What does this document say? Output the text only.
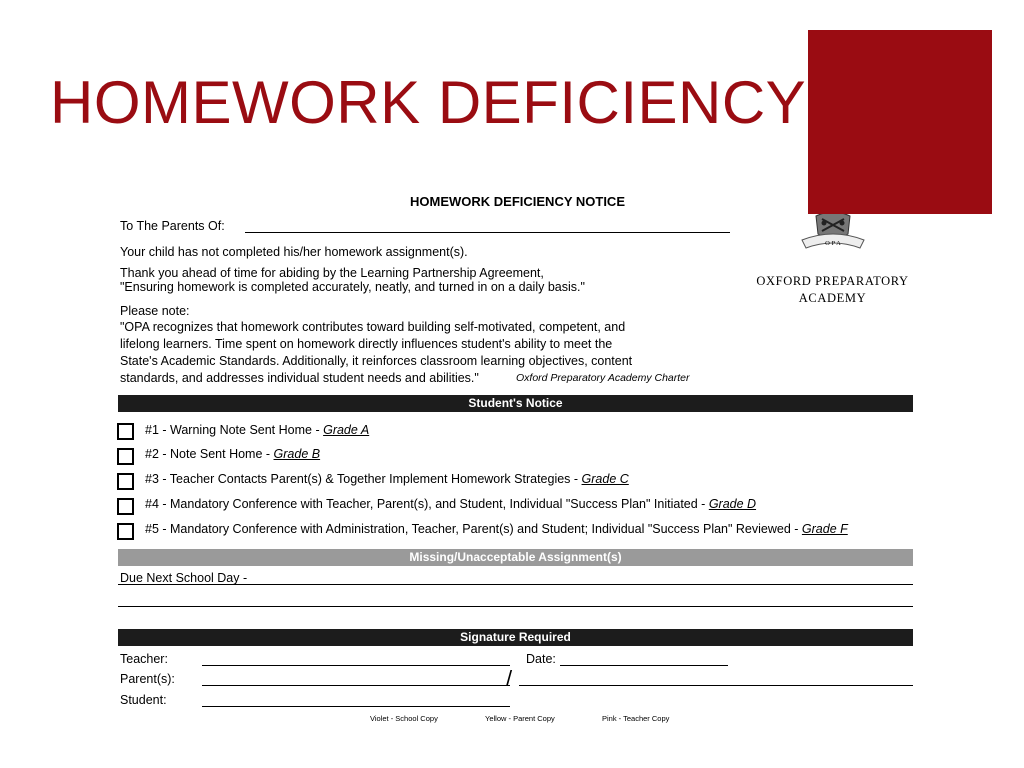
HOMEWORK DEFICIENCY
HOMEWORK DEFICIENCY NOTICE
To The Parents Of:
Your child has not completed his/her homework assignment(s).
Thank you ahead of time for abiding by the Learning Partnership Agreement,
"Ensuring homework is completed accurately, neatly, and turned in on a daily basis."
Please note:
"OPA recognizes that homework contributes toward building self-motivated, competent, and
lifelong learners. Time spent on homework directly influences student's ability to meet the
State's Academic Standards. Additionally, it reinforces classroom learning objectives, content
standards, and addresses individual student needs and abilities."	Oxford Preparatory Academy Charter
O P A
OXFORD PREPARATORY
ACADEMY
Student's Notice
#1 - Warning Note Sent Home - Grade A
#2 - Note Sent Home - Grade B
#3 - Teacher Contacts Parent(s) & Together Implement Homework Strategies - Grade C
#4 - Mandatory Conference with Teacher, Parent(s), and Student, Individual "Success Plan" Initiated - Grade D
#5 - Mandatory Conference with Administration, Teacher, Parent(s) and Student; Individual "Success Plan" Reviewed - Grade F
Missing/Unacceptable Assignment(s)
Due Next School Day -
Signature Required
Teacher:	Date:
Parent(s):	/
Student:
Violet - School Copy	Yellow - Parent Copy	Pink - Teacher Copy
